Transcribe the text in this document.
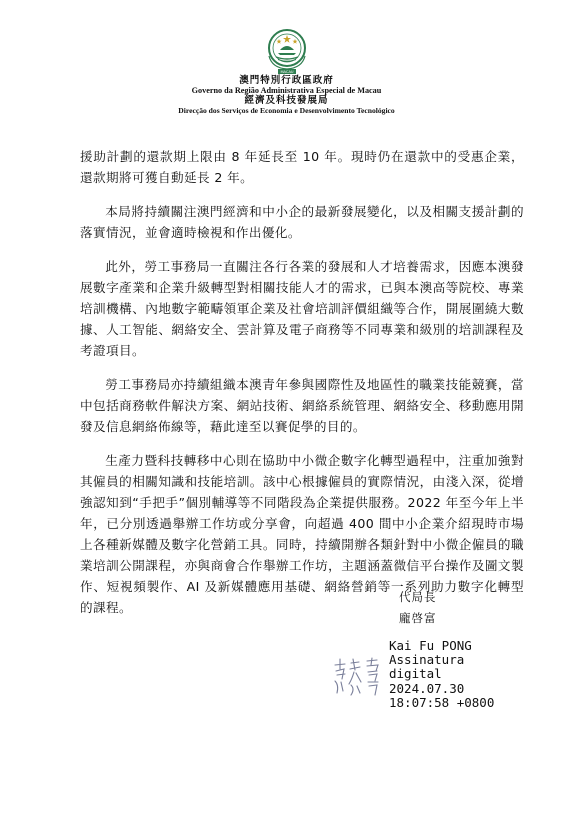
MACAU
澳門特別行政區政府
Governo da Região Administrativa Especial de Macau
經濟及科技發展局
Direcção dos Serviços de Economia e Desenvolvimento Tecnológico

援助計劃的還款期上限由 8 年延長至 10 年。現時仍在還款中的受惠企業，還款期將可獲自動延長 2 年。

本局將持續關注澳門經濟和中小企的最新發展變化，以及相關支援計劃的落實情況，並會適時檢視和作出優化。

此外，勞工事務局一直關注各行各業的發展和人才培養需求，因應本澳發展數字產業和企業升級轉型對相關技能人才的需求，已與本澳高等院校、專業培訓機構、內地數字範疇領軍企業及社會培訓評價組織等合作，開展圍繞大數據、人工智能、網絡安全、雲計算及電子商務等不同專業和級別的培訓課程及考證項目。

勞工事務局亦持續組織本澳青年參與國際性及地區性的職業技能競賽，當中包括商務軟件解決方案、網站技術、網絡系統管理、網絡安全、移動應用開發及信息網絡佈線等，藉此達至以賽促學的目的。

生產力暨科技轉移中心則在協助中小微企數字化轉型過程中，注重加強對其僱員的相關知識和技能培訓。該中心根據僱員的實際情況，由淺入深，從增強認知到“手把手”個別輔導等不同階段為企業提供服務。2022 年至今年上半年，已分別透過舉辦工作坊或分享會，向超過 400 間中小企業介紹現時市場上各種新媒體及數字化營銷工具。同時，持續開辦各類針對中小微企僱員的職業培訓公開課程，亦與商會合作舉辦工作坊，主題涵蓋微信平台操作及圖文製作、短視頻製作、AI 及新媒體應用基礎、網絡營銷等一系列助力數字化轉型的課程。

代局長
龐啓富
Kai Fu PONG
Assinatura
digital
2024.07.30
18:07:58 +0800
